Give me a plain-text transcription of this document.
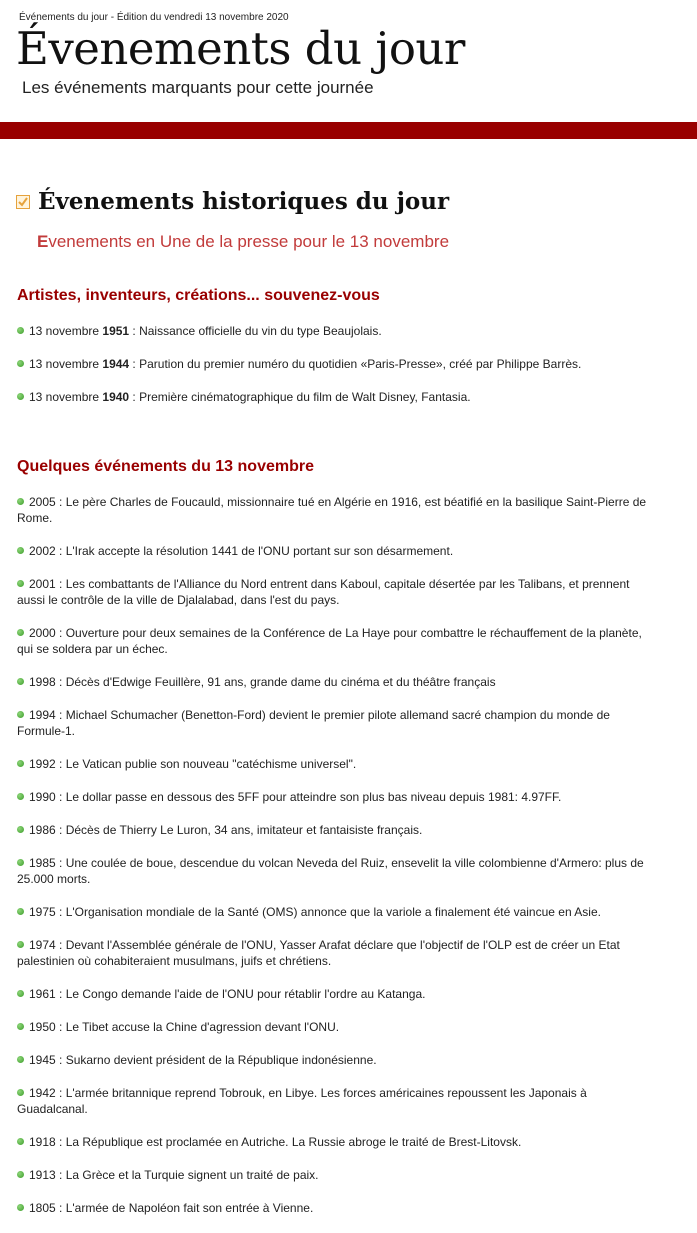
Événements du jour - Édition du vendredi 13 novembre 2020
Évenements du jour
Les événements marquants pour cette journée
Évenements historiques du jour
Evenements en Une de la presse pour le 13 novembre
Artistes, inventeurs, créations... souvenez-vous
13 novembre 1951 : Naissance officielle du vin du type Beaujolais.
13 novembre 1944 : Parution du premier numéro du quotidien «Paris-Presse», créé par Philippe Barrès.
13 novembre 1940 : Première cinématographique du film de Walt Disney, Fantasia.
Quelques événements du 13 novembre
2005 : Le père Charles de Foucauld, missionnaire tué en Algérie en 1916, est béatifié en la basilique Saint-Pierre de Rome.
2002 : L'Irak accepte la résolution 1441 de l'ONU portant sur son désarmement.
2001 : Les combattants de l'Alliance du Nord entrent dans Kaboul, capitale désertée par les Talibans, et prennent aussi le contrôle de la ville de Djalalabad, dans l'est du pays.
2000 : Ouverture pour deux semaines de la Conférence de La Haye pour combattre le réchauffement de la planète, qui se soldera par un échec.
1998 : Décès d'Edwige Feuillère, 91 ans, grande dame du cinéma et du théâtre français
1994 : Michael Schumacher (Benetton-Ford) devient le premier pilote allemand sacré champion du monde de Formule-1.
1992 : Le Vatican publie son nouveau "catéchisme universel".
1990 : Le dollar passe en dessous des 5FF pour atteindre son plus bas niveau depuis 1981: 4.97FF.
1986 : Décès de Thierry Le Luron, 34 ans, imitateur et fantaisiste français.
1985 : Une coulée de boue, descendue du volcan Neveda del Ruiz, ensevelit la ville colombienne d'Armero: plus de 25.000 morts.
1975 : L'Organisation mondiale de la Santé (OMS) annonce que la variole a finalement été vaincue en Asie.
1974 : Devant l'Assemblée générale de l'ONU, Yasser Arafat déclare que l'objectif de l'OLP est de créer un Etat palestinien où cohabiteraient musulmans, juifs et chrétiens.
1961 : Le Congo demande l'aide de l'ONU pour rétablir l'ordre au Katanga.
1950 : Le Tibet accuse la Chine d'agression devant l'ONU.
1945 : Sukarno devient président de la République indonésienne.
1942 : L'armée britannique reprend Tobrouk, en Libye. Les forces américaines repoussent les Japonais à Guadalcanal.
1918 : La République est proclamée en Autriche. La Russie abroge le traité de Brest-Litovsk.
1913 : La Grèce et la Turquie signent un traité de paix.
1805 : L'armée de Napoléon fait son entrée à Vienne.
